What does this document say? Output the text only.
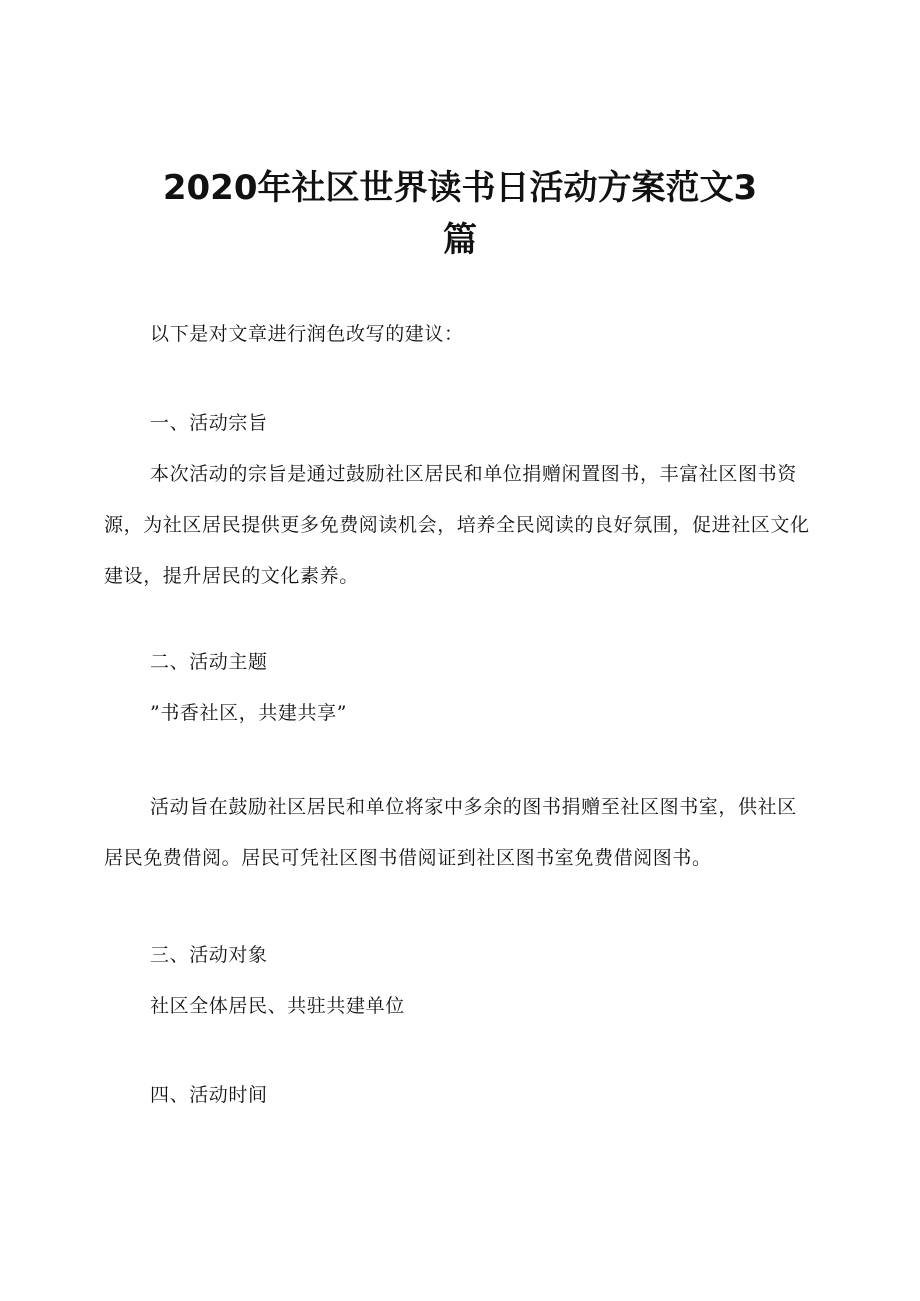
2020年社区世界读书日活动方案范文3
篇

以下是对文章进行润色改写的建议：

一、活动宗旨

本次活动的宗旨是通过鼓励社区居民和单位捐赠闲置图书，丰富社区图书资源，为社区居民提供更多免费阅读机会，培养全民阅读的良好氛围，促进社区文化建设，提升居民的文化素养。

二、活动主题

”书香社区，共建共享”

活动旨在鼓励社区居民和单位将家中多余的图书捐赠至社区图书室，供社区居民免费借阅。居民可凭社区图书借阅证到社区图书室免费借阅图书。

三、活动对象

社区全体居民、共驻共建单位

四、活动时间
